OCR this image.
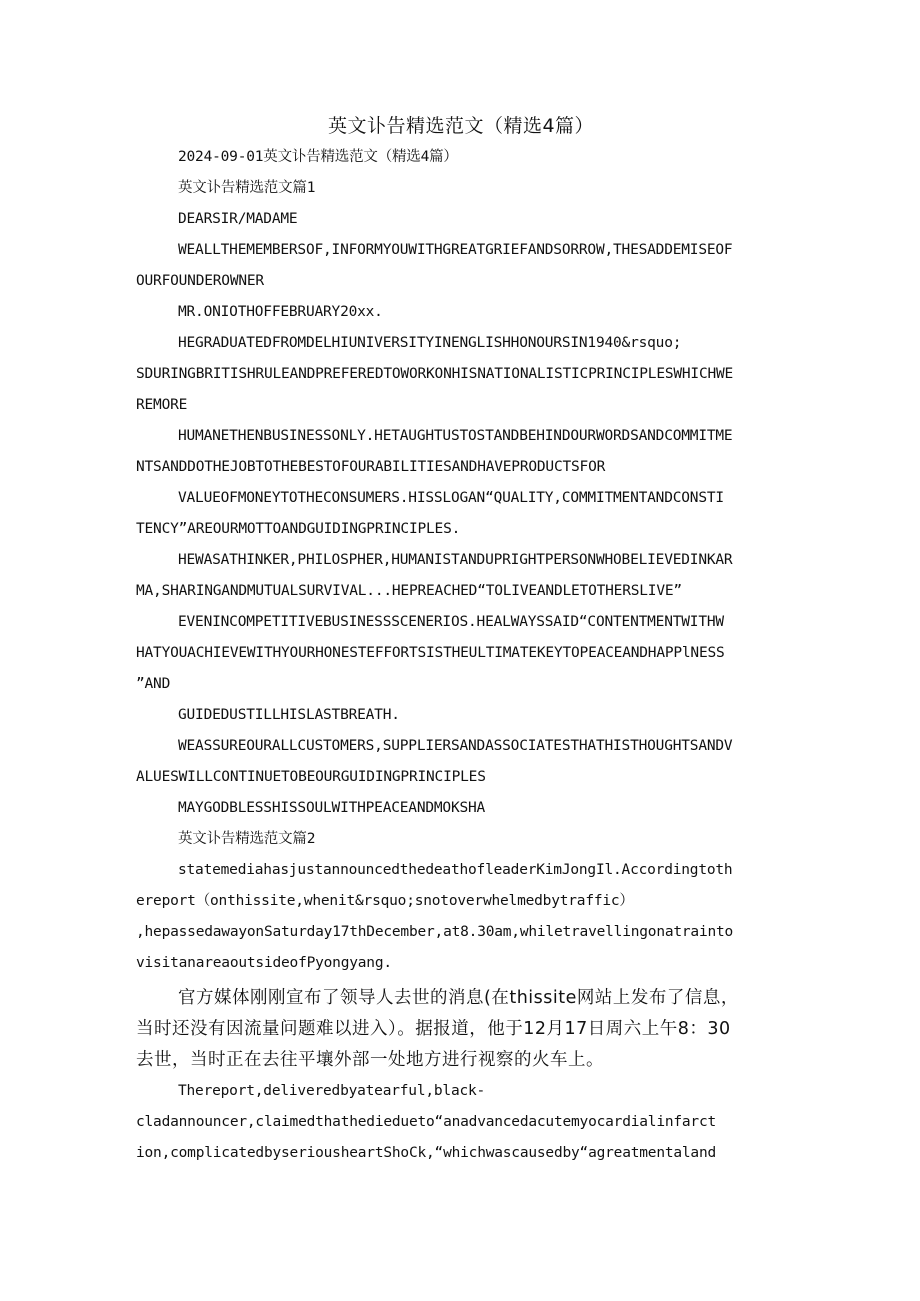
英文讣告精选范文（精选4篇）
2024-09-01英文讣告精选范文（精选4篇）
英文讣告精选范文篇1
DEARSIR/MADAME
WEALLTHEMEMBERSOF,INFORMYOUWITHGREATGRIEFANDSORROW,THESADDEMISEOF
OURFOUNDEROWNER
MR.ONIOTHOFFEBRUARY20xx.
HEGRADUATEDFROMDELHIUNIVERSITYINENGLISHHONOURSIN1940&rsquo;
SDURINGBRITISHRULEANDPREFEREDTOWORKONHISNATIONALISTICPRINCIPLESWHICHWE
REMORE
HUMANETHENBUSINESSONLY.HETAUGHTUSTOSTANDBEHINDOURWORDSANDCOMMITME
NTSANDDOTHEJOBTOTHEBESTOFOURABILITIESANDHAVEPRODUCTSFOR
VALUEOFMONEYTOTHECONSUMERS.HISSLOGAN“QUALITY,COMMITMENTANDCONSTI
TENCY”AREOURMOTTOANDGUIDINGPRINCIPLES.
HEWASATHINKER,PHILOSPHER,HUMANISTANDUPRIGHTPERSONWHOBELIEVEDINKAR
MA,SHARINGANDMUTUALSURVIVAL...HEPREACHED“TOLIVEANDLETOTHERSLIVE”
EVENINCOMPETITIVEBUSINESSSCENERIOS.HEALWAYSSAID“CONTENTMENTWITHW
HATYOUACHIEVEWITHYOURHONESTEFFORTSISTHEULTIMATEKEYTOPEACEANDHAPPlNESS
”AND
GUIDEDUSTILLHISLASTBREATH.
WEASSUREOURALLCUSTOMERS,SUPPLIERSANDASSOCIATESTHATHISTHOUGHTSANDV
ALUESWILLCONTINUETOBEOURGUIDINGPRINCIPLES
MAYGODBLESSHISSOULWITHPEACEANDMOKSHA
英文讣告精选范文篇2
statemediahasjustannouncedthedeathofleaderKimJongIl.Accordingtoth
ereport（onthissite,whenit&rsquo;snotoverwhelmedbytraffic）
,hepassedawayonSaturday17thDecember,at8.30am,whiletravellingonatrainto
visitanareaoutsideofPyongyang.
官方媒体刚刚宣布了领导人去世的消息(在thissite网站上发布了信息，
当时还没有因流量问题难以进入）。据报道，他于12月17日周六上午8：30
去世，当时正在去往平壤外部一处地方进行视察的火车上。
Thereport,deliveredbyatearful,black-
cladannouncer,claimedthathediedueto“anadvancedacutemyocardialinfarct
ion,complicatedbyseriousheartShoCk,“whichwascausedby“agreatmentaland
